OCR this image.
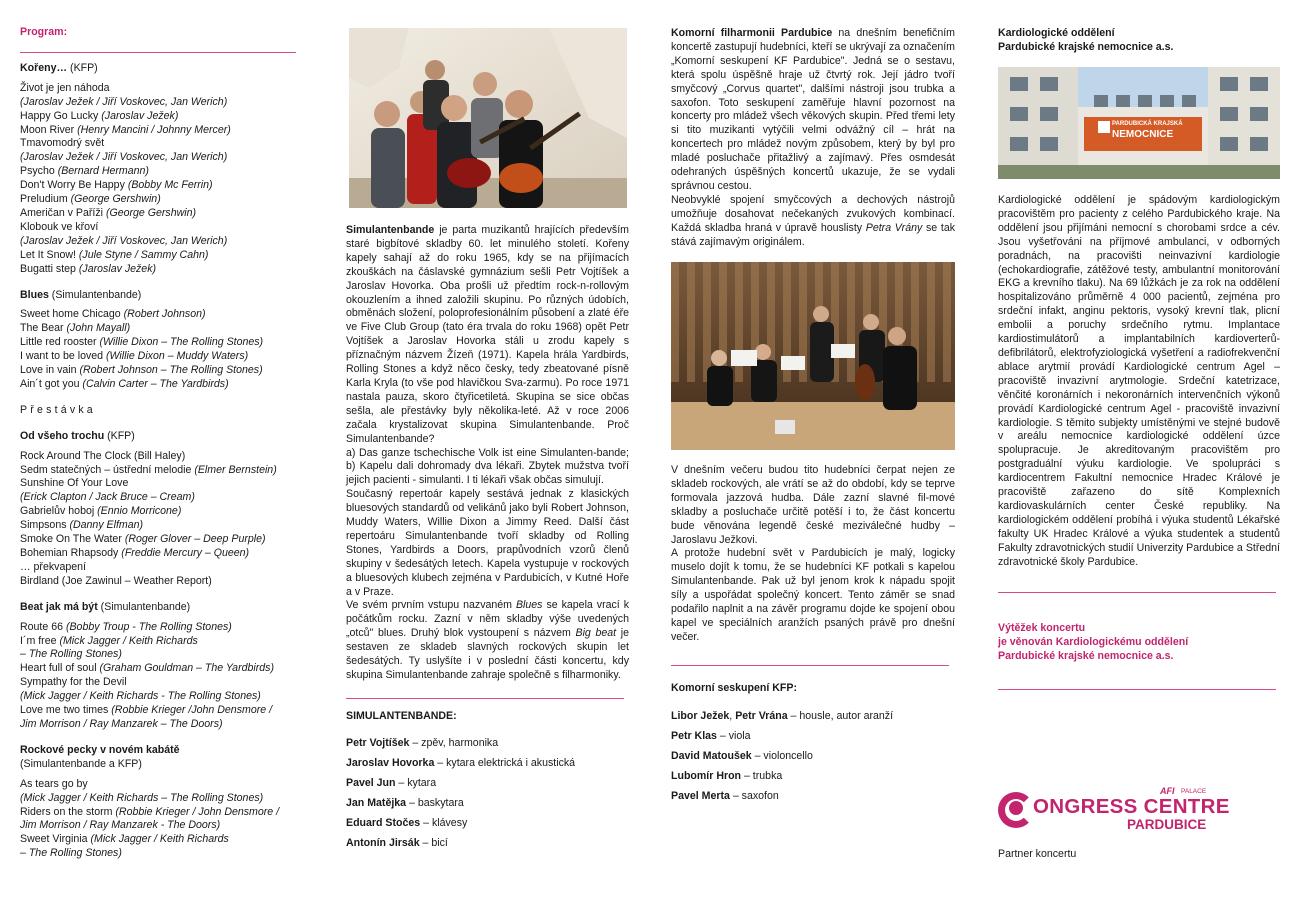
Program:
Kořeny… (KFP)
Život je jen náhoda
(Jaroslav Ježek / Jiří Voskovec, Jan Werich)
Happy Go Lucky (Jaroslav Ježek)
Moon River (Henry Mancini / Johnny Mercer)
Tmavomodrý svět
(Jaroslav Ježek / Jiří Voskovec, Jan Werich)
Psycho (Bernard Hermann)
Don't Worry Be Happy (Bobby Mc Ferrin)
Preludium (George Gershwin)
Američan v Paříži (George Gershwin)
Klobouk ve křoví
(Jaroslav Ježek / Jiří Voskovec, Jan Werich)
Let It Snow! (Jule Styne / Sammy Cahn)
Bugatti step (Jaroslav Ježek)
Blues (Simulantenbande)
Sweet home Chicago (Robert Johnson)
The Bear (John Mayall)
Little red rooster (Willie Dixon – The Rolling Stones)
I want to be loved (Willie Dixon – Muddy Waters)
Love in vain (Robert Johnson – The Rolling Stones)
Ain´t got you (Calvin Carter – The Yardbirds)
Přestávka
Od všeho trochu (KFP)
Rock Around The Clock (Bill Haley)
Sedm statečných – ústřední melodie (Elmer Bernstein)
Sunshine Of Your Love
(Erick Clapton / Jack Bruce – Cream)
Gabrielův hoboj (Ennio Morricone)
Simpsons (Danny Elfman)
Smoke On The Water (Roger Glover – Deep Purple)
Bohemian Rhapsody (Freddie Mercury – Queen)
… překvapení
Birdland (Joe Zawinul – Weather Report)
Beat jak má být (Simulantenbande)
Route 66 (Bobby Troup - The Rolling Stones)
I´m free (Mick Jagger / Keith Richards
– The Rolling Stones)
Heart full of soul (Graham Gouldman – The Yardbirds)
Sympathy for the Devil
(Mick Jagger / Keith Richards - The Rolling Stones)
Love me two times (Robbie Krieger /John Densmore /
Jim Morrison / Ray Manzarek – The Doors)
Rockové pecky v novém kabátě
(Simulantenbande a KFP)
As tears go by
(Mick Jagger / Keith Richards – The Rolling Stones)
Riders on the storm (Robbie Krieger / John Densmore /
Jim Morrison / Ray Manzarek - The Doors)
Sweet Virginia (Mick Jagger / Keith Richards
– The Rolling Stones)

Simulantenbande je parta muzikantů hrajících především staré bigbítové skladby 60. let minulého století. Kořeny kapely sahají až do roku 1965, kdy se na přijímacích zkouškách na čáslavské gymnázium sešli Petr Vojtíšek a Jaroslav Hovorka. Oba prošli už předtím rock-n-rollovým okouzlením a ihned založili skupinu. Po různých údobích, obměnách složení, poloprofesionálním působení a zlaté éře ve Five Club Group (tato éra trvala do roku 1968) opět Petr Vojtíšek a Jaroslav Hovorka stáli u zrodu kapely s příznačným názvem Žízeň (1971). Kapela hrála Yardbirds, Rolling Stones a když něco česky, tedy zbeatované písně Karla Kryla (to vše pod hlavičkou Sva-zarmu). Po roce 1971 nastala pauza, skoro čtyřicetiletá. Skupina se sice občas sešla, ale přestávky byly několika-leté. Až v roce 2006 začala krystalizovat skupina Simulantenbande. Proč Simulantenbande?

a) Das ganze tschechische Volk ist eine Simulanten-bande; b) Kapelu dali dohromady dva lékaři. Zbytek mužstva tvoří jejich pacienti - simulanti. I ti lékaři však občas simulují.

Současný repertoár kapely sestává jednak z klasických bluesových standardů od velikánů jako byli Robert Johnson, Muddy Waters, Willie Dixon a Jimmy Reed. Další část repertoáru Simulantenbande tvoří skladby od Rolling Stones, Yardbirds a Doors, prapůvodních vzorů členů skupiny v šedesátých letech. Kapela vystupuje v rockových a bluesových klubech zejména v Pardubicích, v Kutné Hoře a v Praze.

Ve svém prvním vstupu nazvaném Blues se kapela vrací k počátkům rocku. Zazní v něm skladby výše uvedených „otců" blues. Druhý blok vystoupení s názvem Big beat je sestaven ze skladeb slavných rockových skupin let šedesátých. Ty uslyšíte i v poslední části koncertu, kdy skupina Simulantenbande zahraje společně s filharmoniky.

SIMULANTENBANDE:

Petr Vojtíšek – zpěv, harmonika

Jaroslav Hovorka – kytara elektrická i akustická

Pavel Jun – kytara

Jan Matějka – baskytara

Eduard Stočes – klávesy

Antonín Jirsák – bicí

Komorní filharmonii Pardubice na dnešním benefičním koncertě zastupují hudebníci, kteří se ukrývají za označením „Komorní seskupení KF Pardubice". Jedná se o sestavu, která spolu úspěšně hraje už čtvrtý rok. Její jádro tvoří smyčcový „Corvus quartet", dalšími nástroji jsou trubka a saxofon. Toto seskupení zaměřuje hlavní pozornost na koncerty pro mládež všech věkových skupin. Před třemi lety si tito muzikanti vytýčili velmi odvážný cíl – hrát na koncertech pro mládež novým způsobem, který by byl pro mladé posluchače přitažlivý a zajímavý. Přes osmdesát odehraných úspěšných koncertů ukazuje, že se vydali správnou cestou.

Neobvyklé spojení smyčcových a dechových nástrojů umožňuje dosahovat nečekaných zvukových kombinací. Každá skladba hraná v úpravě houslisty Petra Vrány se tak stává zajímavým originálem.

V dnešním večeru budou tito hudebníci čerpat nejen ze skladeb rockových, ale vrátí se až do období, kdy se teprve formovala jazzová hudba. Dále zazní slavné fil-mové skladby a posluchače určitě potěší i to, že část koncertu bude věnována legendě české meziválečné hudby – Jaroslavu Ježkovi.

A protože hudební svět v Pardubicích je malý, logicky muselo dojít k tomu, že se hudebníci KF potkali s kapelou Simulantenbande. Pak už byl jenom krok k nápadu spojit síly a uspořádat společný koncert. Tento záměr se snad podařilo naplnit a na závěr programu dojde ke spojení obou kapel ve speciálních aranžích psaných právě pro dnešní večer.

Komorní seskupení KFP:

Libor Ježek, Petr Vrána – housle, autor aranží

Petr Klas – viola

David Matoušek – violoncello

Lubomír Hron – trubka

Pavel Merta – saxofon

Kardiologické oddělení
Pardubické krajské nemocnice a.s.
PARDUBICKÁ KRAJSKÁ
NEMOCNICE
Kardiologické oddělení je spádovým kardiologickým pracovištěm pro pacienty z celého Pardubického kraje. Na oddělení jsou přijímáni nemocní s chorobami srdce a cév. Jsou vyšetřováni na příjmové ambulanci, v odborných poradnách, na pracovišti neinvazivní kardiologie (echokardiografie, zátěžové testy, ambulantní monitorování EKG a krevního tlaku). Na 69 lůžkách je za rok na oddělení hospitalizováno průměrně 4 000 pacientů, zejména pro srdeční infakt, anginu pektoris, vysoký krevní tlak, plicní embolii a poruchy srdečního rytmu. Implantace kardiostimulátorů a implantabilních kardioverterů-defibrilátorů, elektrofyziologická vyšetření a radiofrekvenční ablace arytmií provádí Kardiologické centrum Agel – pracoviště invazivní arytmologie. Srdeční katetrizace, věnčité koronárních i nekoronárních intervenčních výkonů provádí Kardiologické centrum Agel - pracoviště invazivní kardiologie. S těmito subjekty umístěnými ve stejné budově v areálu nemocnice kardiologické oddělení úzce spolupracuje. Je akreditovaným pracovištěm pro postgraduální výuku kardiologie. Ve spolupráci s kardiocentrem Fakultní nemocnice Hradec Králové je pracoviště zařazeno do sítě Komplexních kardiovaskulárních center České republiky. Na kardiologickém oddělení probíhá i výuka studentů Lékařské fakulty UK Hradec Králové a výuka studentek a studentů Fakulty zdravotnických studií Univerzity Pardubice a Střední zdravotnické školy Pardubice.
Výtěžek koncertu
je věnován Kardiologickému oddělení
Pardubické krajské nemocnice a.s.
AFI PALACE
ONGRESS CENTRE
PARDUBICE
Partner koncertu
